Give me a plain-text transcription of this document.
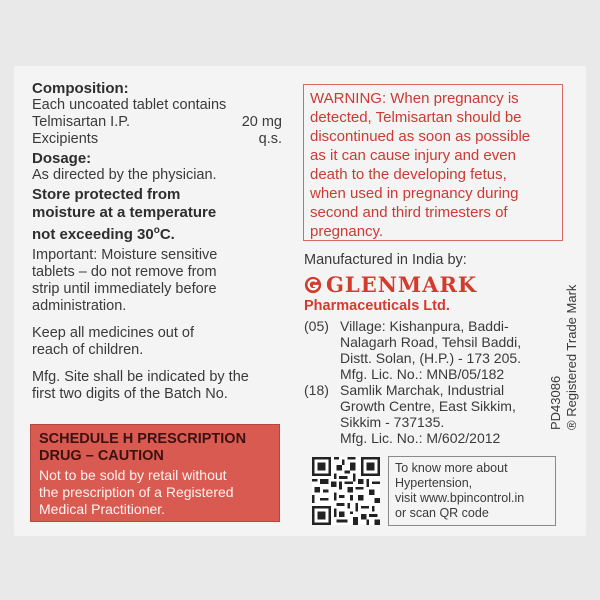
Composition:
Each uncoated tablet contains
Telmisartan I.P.	20 mg
Excipients	q.s.
Dosage:
As directed by the physician.
Store protected from
moisture at a temperature
not exceeding 30$^o$C.
Important: Moisture sensitive
tablets – do not remove from
strip until immediately before
administration.
Keep all medicines out of
reach of children.
Mfg. Site shall be indicated by the
first two digits of the Batch No.
SCHEDULE H PRESCRIPTION
DRUG – CAUTION
Not to be sold by retail without
the prescription of a Registered
Medical Practitioner.
WARNING: When pregnancy is
detected, Telmisartan should be
discontinued as soon as possible
as it can cause injury and even
death to the developing fetus,
when used in pregnancy during
second and third trimesters of
pregnancy.
Manufactured in India by:
GLENMARK
Pharmaceuticals Ltd.
(05) Village: Kishanpura, Baddi-
Nalagarh Road, Tehsil Baddi,
Distt. Solan, (H.P.) - 173 205.
Mfg. Lic. No.: MNB/05/182
(18) Samlik Marchak, Industrial
Growth Centre, East Sikkim,
Sikkim - 737135.
Mfg. Lic. No.: M/602/2012
PD43086 ® Registered Trade Mark
To know more about
Hypertension,
visit www.bpincontrol.in
or scan QR code
